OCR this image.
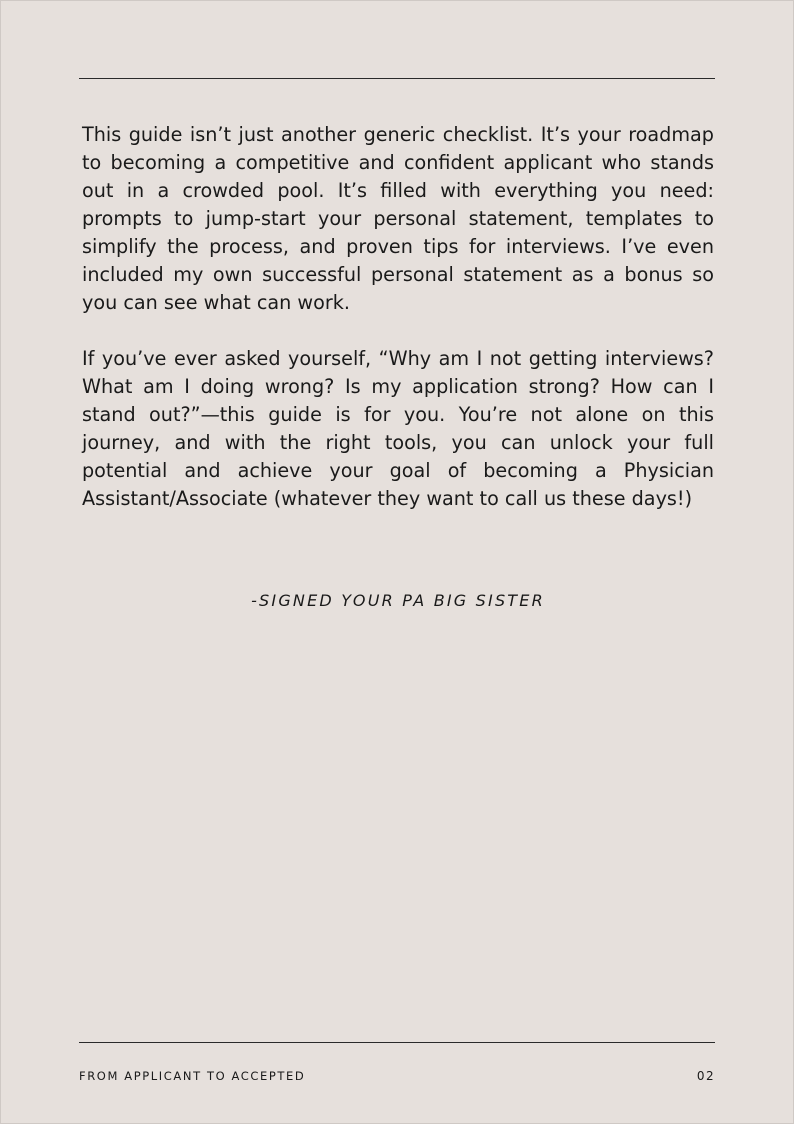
This guide isn’t just another generic checklist. It’s your roadmap to becoming a competitive and confident applicant who stands out in a crowded pool. It’s filled with everything you need: prompts to jump-start your personal statement, templates to simplify the process, and proven tips for interviews. I’ve even included my own successful personal statement as a bonus so you can see what can work.

If you’ve ever asked yourself, “Why am I not getting interviews? What am I doing wrong? Is my application strong? How can I stand out?”—this guide is for you. You’re not alone on this journey, and with the right tools, you can unlock your full potential and achieve your goal of becoming a Physician Assistant/Associate (whatever they want to call us these days!)

-SIGNED YOUR PA BIG SISTER
FROM APPLICANT TO ACCEPTED	02
